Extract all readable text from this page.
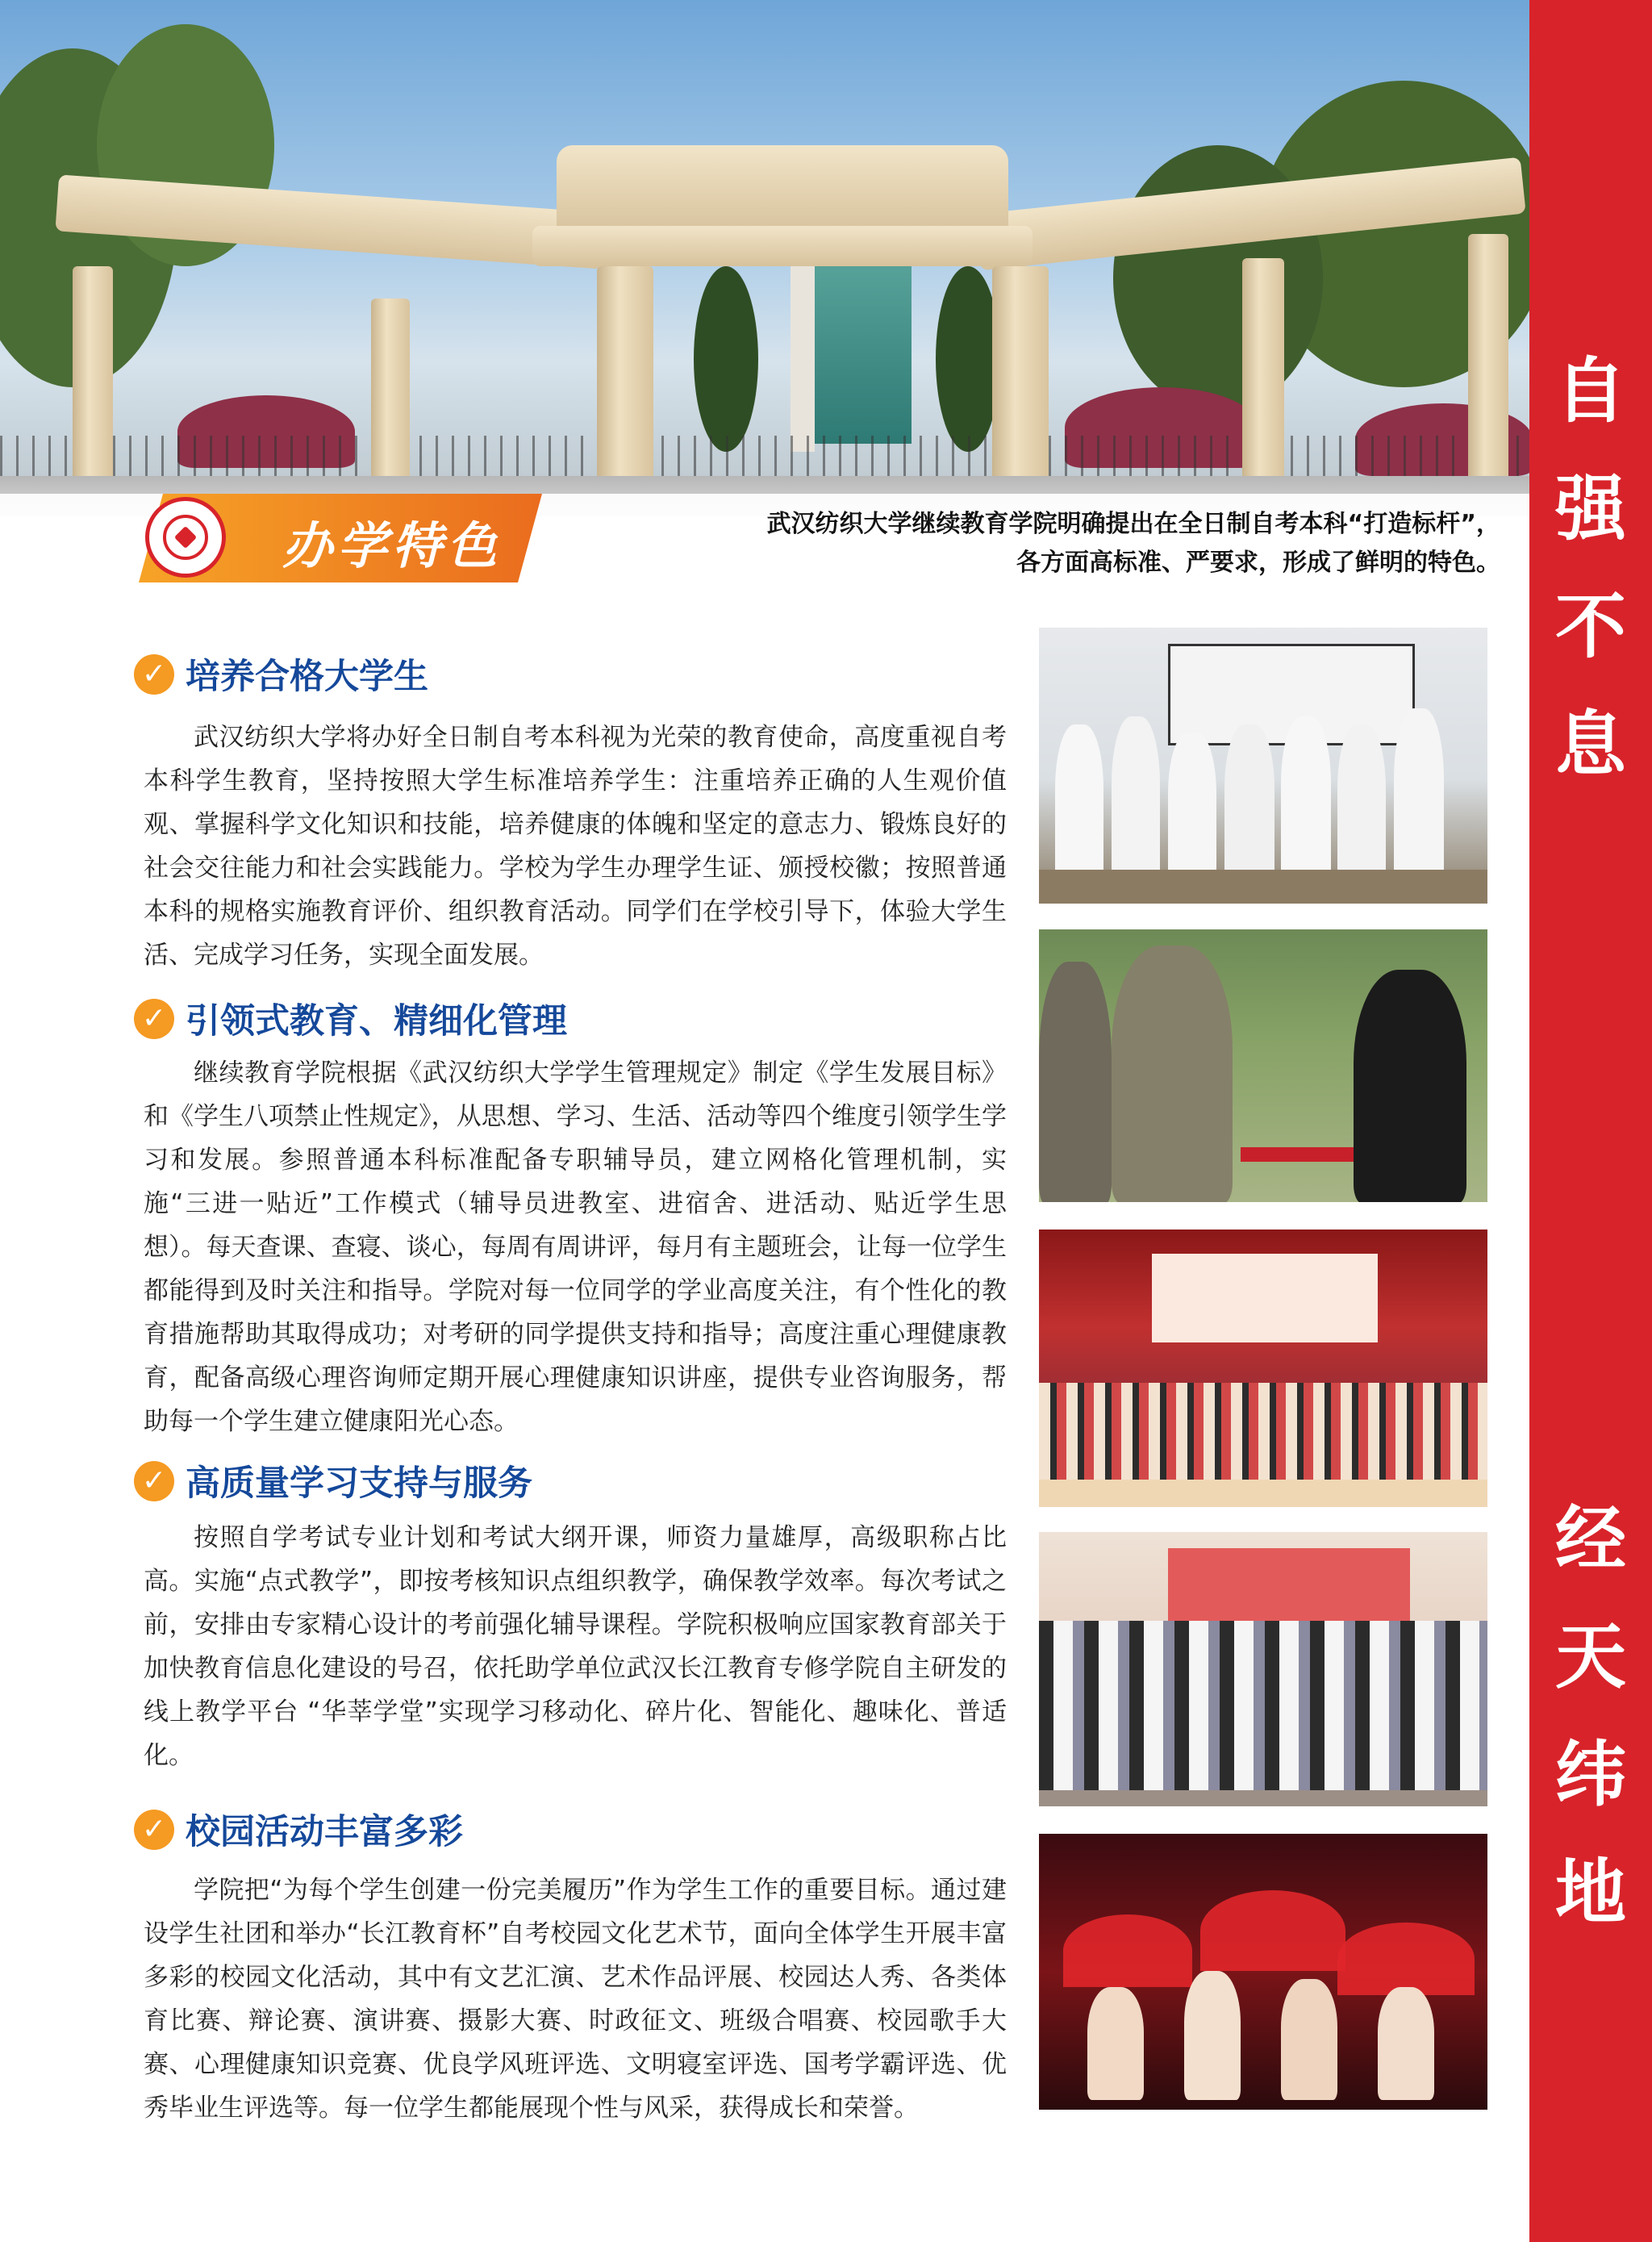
自
强
不
息
经
天
纬
地
办学特色	武汉纺织大学继续教育学院明确提出在全日制自考本科“打造标杆”，
各方面高标准、严要求，形成了鲜明的特色。
✓ 培养合格大学生

武汉纺织大学将办好全日制自考本科视为光荣的教育使命，高度重视自考本科学生教育，坚持按照大学生标准培养学生：注重培养正确的人生观价值观、掌握科学文化知识和技能，培养健康的体魄和坚定的意志力、锻炼良好的社会交往能力和社会实践能力。学校为学生办理学生证、颁授校徽；按照普通本科的规格实施教育评价、组织教育活动。同学们在学校引导下，体验大学生活、完成学习任务，实现全面发展。

✓ 引领式教育、精细化管理

继续教育学院根据《武汉纺织大学学生管理规定》制定《学生发展目标》和《学生八项禁止性规定》，从思想、学习、生活、活动等四个维度引领学生学习和发展。参照普通本科标准配备专职辅导员，建立网格化管理机制，实施“三进一贴近”工作模式（辅导员进教室、进宿舍、进活动、贴近学生思想）。每天查课、查寝、谈心，每周有周讲评，每月有主题班会，让每一位学生都能得到及时关注和指导。学院对每一位同学的学业高度关注，有个性化的教育措施帮助其取得成功；对考研的同学提供支持和指导；高度注重心理健康教育，配备高级心理咨询师定期开展心理健康知识讲座，提供专业咨询服务，帮助每一个学生建立健康阳光心态。

✓ 高质量学习支持与服务

按照自学考试专业计划和考试大纲开课，师资力量雄厚，高级职称占比高。实施“点式教学”，即按考核知识点组织教学，确保教学效率。每次考试之前，安排由专家精心设计的考前强化辅导课程。学院积极响应国家教育部关于加快教育信息化建设的号召，依托助学单位武汉长江教育专修学院自主研发的线上教学平台 “华莘学堂”实现学习移动化、碎片化、智能化、趣味化、普适化。

✓ 校园活动丰富多彩

学院把“为每个学生创建一份完美履历”作为学生工作的重要目标。通过建设学生社团和举办“长江教育杯”自考校园文化艺术节，面向全体学生开展丰富多彩的校园文化活动，其中有文艺汇演、艺术作品评展、校园达人秀、各类体育比赛、辩论赛、演讲赛、摄影大赛、时政征文、班级合唱赛、校园歌手大赛、心理健康知识竞赛、优良学风班评选、文明寝室评选、国考学霸评选、优秀毕业生评选等。每一位学生都能展现个性与风采，获得成长和荣誉。
